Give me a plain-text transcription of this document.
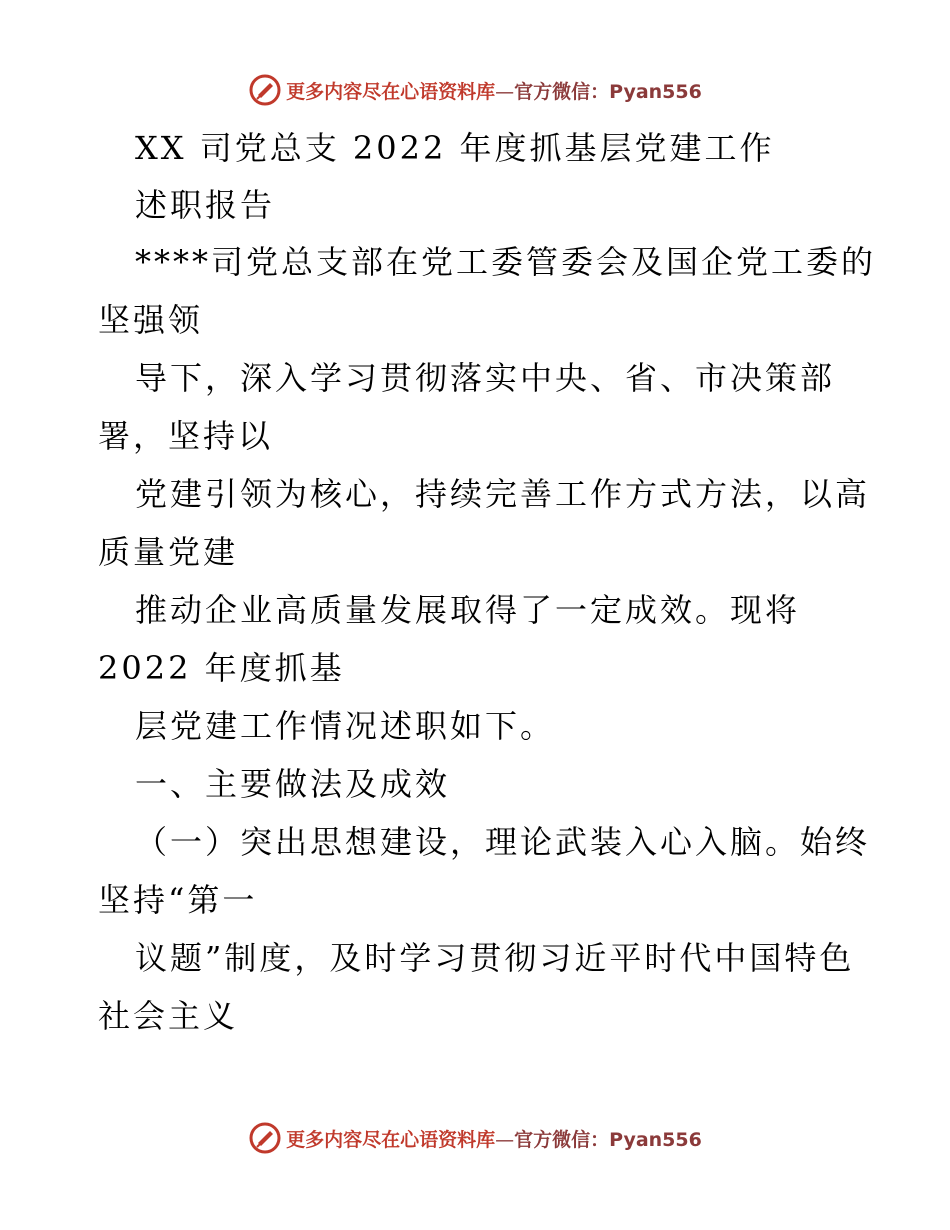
更多内容尽在心语资料库—官方微信：Pyan556
XX 司党总支 2022 年度抓基层党建工作
述职报告
****司党总支部在党工委管委会及国企党工委的
坚强领
导下，深入学习贯彻落实中央、省、市决策部
署，坚持以
党建引领为核心，持续完善工作方式方法，以高
质量党建
推动企业高质量发展取得了一定成效。现将
2022 年度抓基
层党建工作情况述职如下。
一、主要做法及成效
（一）突出思想建设，理论武装入心入脑。始终
坚持“第一
议题”制度，及时学习贯彻习近平时代中国特色
社会主义
更多内容尽在心语资料库—官方微信：Pyan556
